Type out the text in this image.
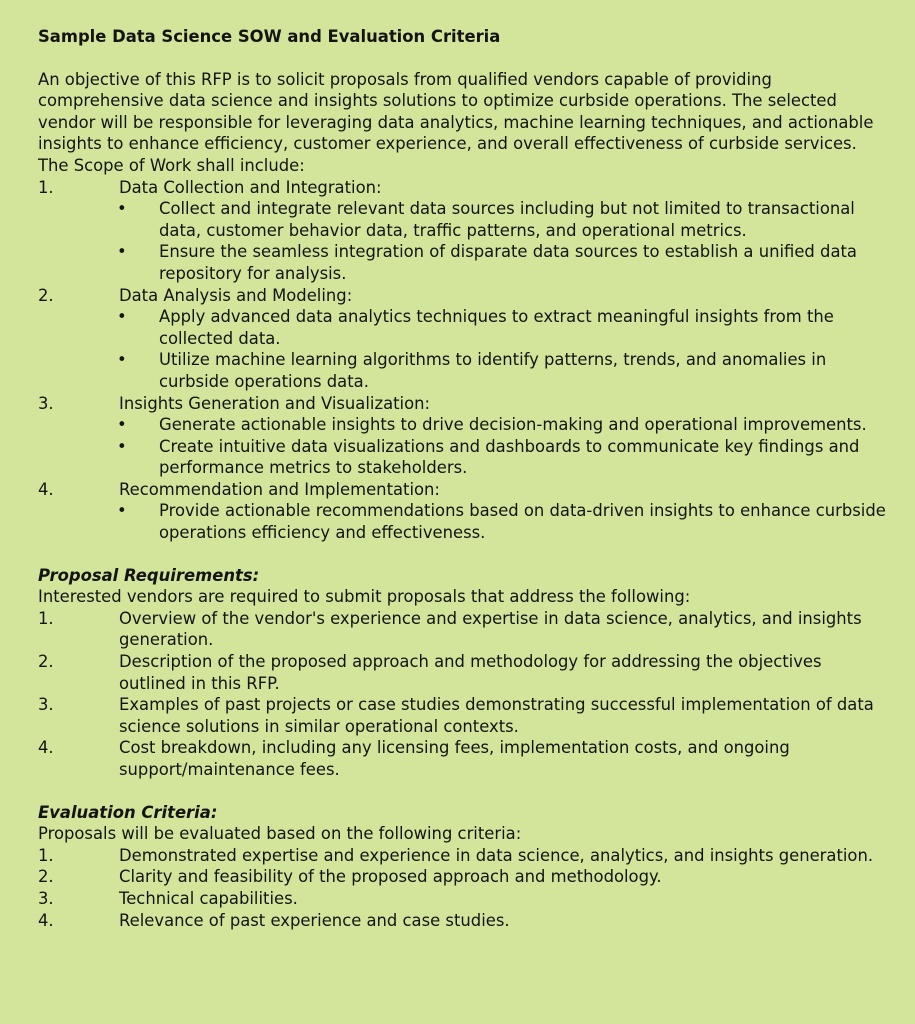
Sample Data Science SOW and Evaluation Criteria
An objective of this RFP is to solicit proposals from qualified vendors capable of providing comprehensive data science and insights solutions to optimize curbside operations. The selected vendor will be responsible for leveraging data analytics, machine learning techniques, and actionable insights to enhance efficiency, customer experience, and overall effectiveness of curbside services. The Scope of Work shall include:
1.	Data Collection and Integration:
•	Collect and integrate relevant data sources including but not limited to transactional data, customer behavior data, traffic patterns, and operational metrics.
•	Ensure the seamless integration of disparate data sources to establish a unified data repository for analysis.
2.	Data Analysis and Modeling:
•	Apply advanced data analytics techniques to extract meaningful insights from the collected data.
•	Utilize machine learning algorithms to identify patterns, trends, and anomalies in curbside operations data.
3.	Insights Generation and Visualization:
•	Generate actionable insights to drive decision-making and operational improvements.
•	Create intuitive data visualizations and dashboards to communicate key findings and performance metrics to stakeholders.
4.	Recommendation and Implementation:
•	Provide actionable recommendations based on data-driven insights to enhance curbside operations efficiency and effectiveness.
Proposal Requirements:
Interested vendors are required to submit proposals that address the following:
1.	Overview of the vendor's experience and expertise in data science, analytics, and insights generation.
2.	Description of the proposed approach and methodology for addressing the objectives outlined in this RFP.
3.	Examples of past projects or case studies demonstrating successful implementation of data science solutions in similar operational contexts.
4.	Cost breakdown, including any licensing fees, implementation costs, and ongoing support/maintenance fees.
Evaluation Criteria:
Proposals will be evaluated based on the following criteria:
1.	Demonstrated expertise and experience in data science, analytics, and insights generation.
2.	Clarity and feasibility of the proposed approach and methodology.
3.	Technical capabilities.
4.	Relevance of past experience and case studies.
